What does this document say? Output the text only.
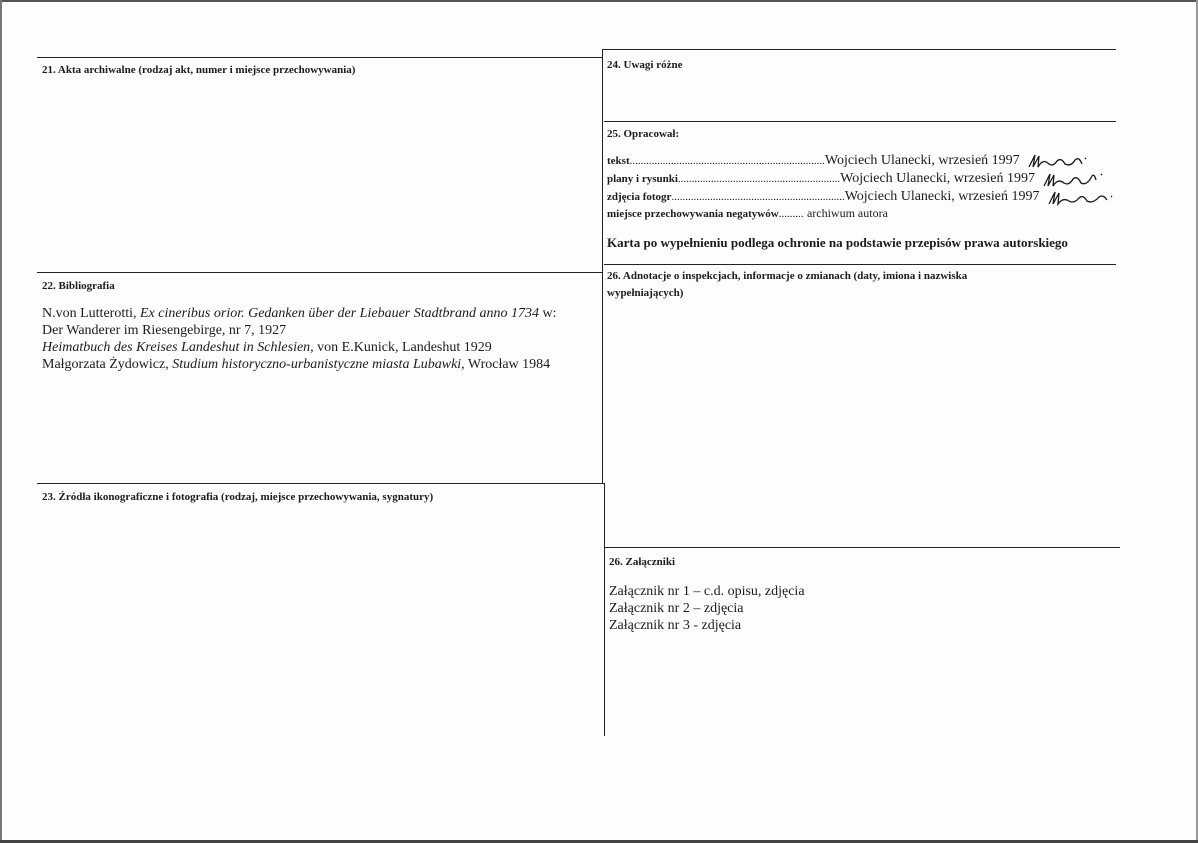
21. Akta archiwalne (rodzaj akt, numer i miejsce przechowywania)	24. Uwagi różne
25. Opracował:
tekst.......................................................................Wojciech Ulanecki, wrzesień 1997
plany i rysunki...........................................................Wojciech Ulanecki, wrzesień 1997
zdjęcia fotogr...............................................................Wojciech Ulanecki, wrzesień 1997
miejsce przechowywania negatywów......... archiwum autora
Karta po wypełnieniu podlega ochronie na podstawie przepisów prawa autorskiego
22. Bibliografia
N.von Lutterotti, Ex cineribus orior. Gedanken über der Liebauer Stadtbrand anno 1734 w:
Der Wanderer im Riesengebirge, nr 7, 1927
Heimatbuch des Kreises Landeshut in Schlesien, von E.Kunick, Landeshut 1929
Małgorzata Żydowicz, Studium historyczno-urbanistyczne miasta Lubawki, Wrocław 1984
26. Adnotacje o inspekcjach, informacje o zmianach (daty, imiona i nazwiska
wypełniających)
23. Źródła ikonograficzne i fotografia (rodzaj, miejsce przechowywania, sygnatury)
26. Załączniki
Załącznik nr 1 – c.d. opisu, zdjęcia
Załącznik nr 2 – zdjęcia
Załącznik nr 3 - zdjęcia
